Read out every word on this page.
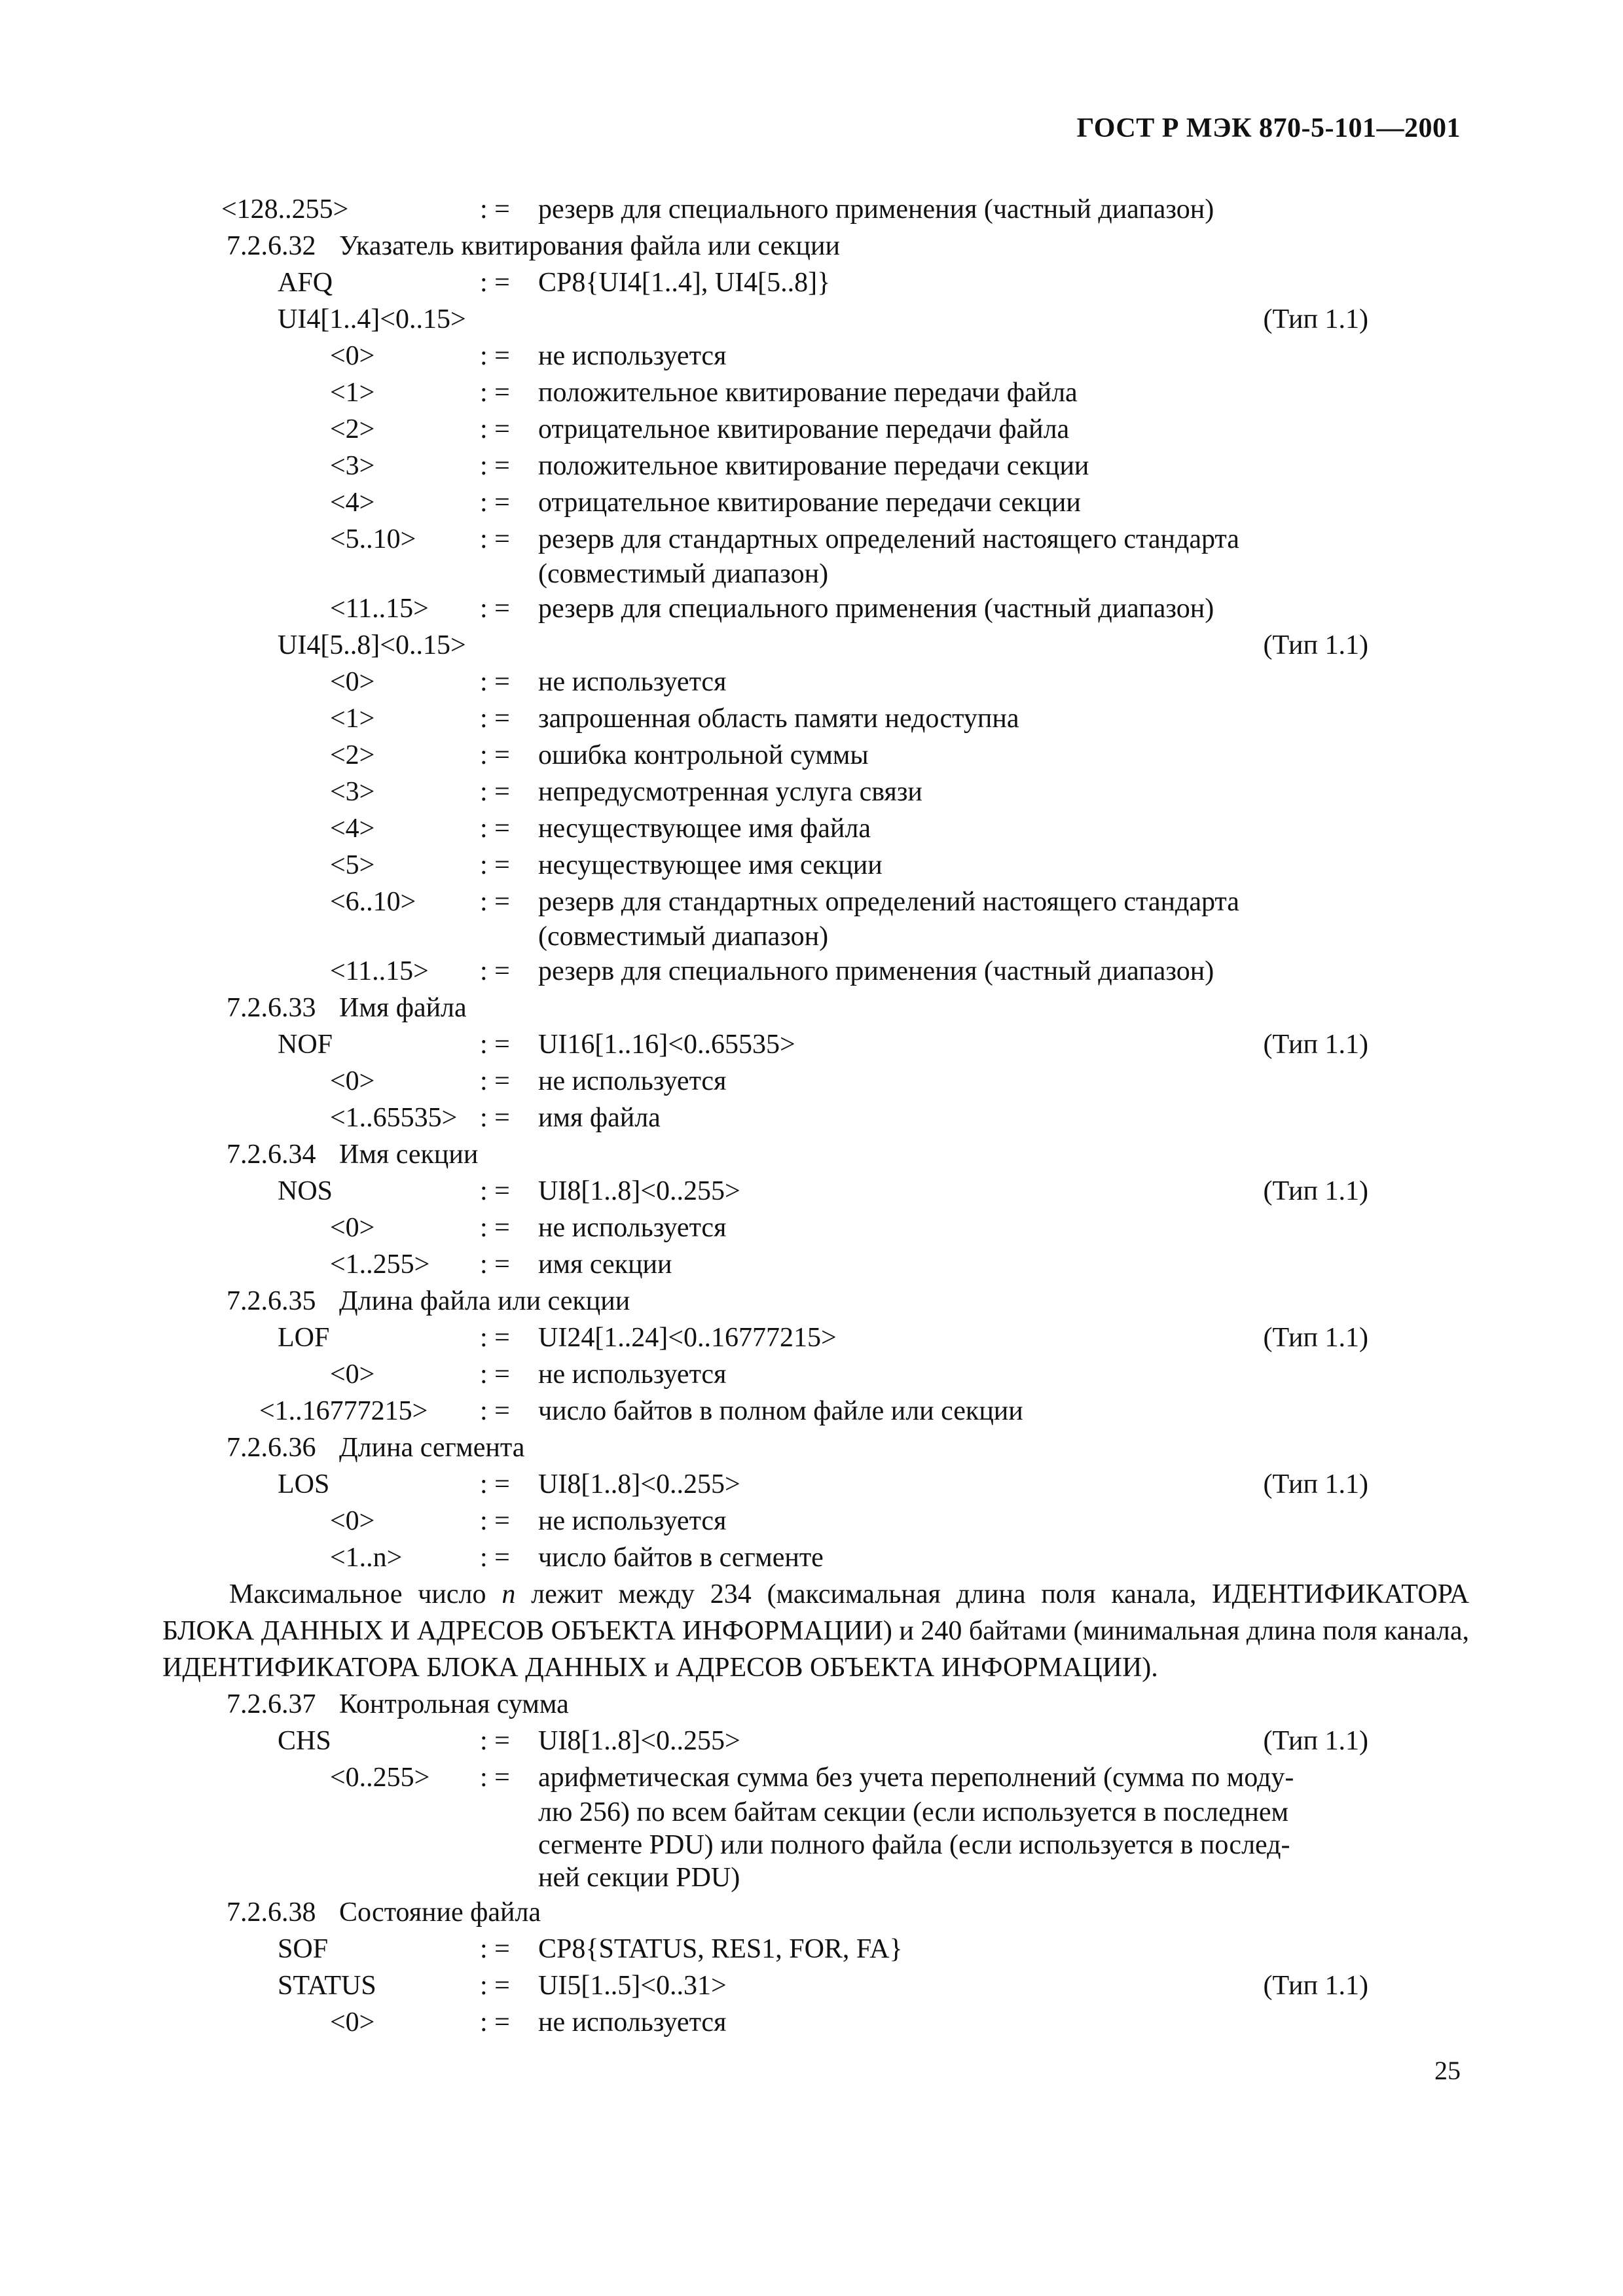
ГОСТ Р МЭК 870-5-101—2001
<128..255>	: = резерв для специального применения (частный диапазон)
7.2.6.32 Указатель квитирования файла или секции
AFQ	: = CP8{UI4[1..4], UI4[5..8]}
UI4[1..4]<0..15>	(Тип 1.1)
<0>	: = не используется
<1>	: = положительное квитирование передачи файла
<2>	: = отрицательное квитирование передачи файла
<3>	: = положительное квитирование передачи секции
<4>	: = отрицательное квитирование передачи секции
<5..10> : = резерв для стандартных определений настоящего стандарта
(совместимый диапазон)
<11..15> : = резерв для специального применения (частный диапазон)
UI4[5..8]<0..15>	(Тип 1.1)
<0>	: = не используется
<1>	: = запрошенная область памяти недоступна
<2>	: = ошибка контрольной суммы
<3>	: = непредусмотренная услуга связи
<4>	: = несуществующее имя файла
<5>	: = несуществующее имя секции
<6..10> : = резерв для стандартных определений настоящего стандарта
(совместимый диапазон)
<11..15> : = резерв для специального применения (частный диапазон)
7.2.6.33 Имя файла
NOF	: = UI16[1..16]<0..65535>	(Тип 1.1)
<0>	: = не используется
<1..65535> : = имя файла
7.2.6.34 Имя секции
NOS	: = UI8[1..8]<0..255>	(Тип 1.1)
<0>	: = не используется
<1..255> : = имя секции
7.2.6.35 Длина файла или секции
LOF	: = UI24[1..24]<0..16777215>	(Тип 1.1)
<0>	: = не используется
<1..16777215> : = число байтов в полном файле или секции
7.2.6.36 Длина сегмента
LOS	: = UI8[1..8]<0..255>	(Тип 1.1)
<0>	: = не используется
<1..n>	: = число байтов в сегменте

Максимальное число n лежит между 234 (максимальная длина поля канала, ИДЕНТИФИКАТОРА БЛОКА ДАННЫХ И АДРЕСОВ ОБЪЕКТА ИНФОРМАЦИИ) и 240 байтами (минимальная длина поля канала, ИДЕНТИФИКАТОРА БЛОКА ДАННЫХ и АДРЕСОВ ОБЪЕКТА ИНФОРМАЦИИ).

7.2.6.37 Контрольная сумма
CHS	: = UI8[1..8]<0..255>	(Тип 1.1)
<0..255> : = арифметическая сумма без учета переполнений (сумма по моду-
лю 256) по всем байтам секции (если используется в последнем
сегменте PDU) или полного файла (если используется в послед-
ней секции PDU)
7.2.6.38 Состояние файла
SOF	: = CP8{STATUS, RES1, FOR, FA}
STATUS	: = UI5[1..5]<0..31>	(Тип 1.1)
<0>	: = не используется
25
